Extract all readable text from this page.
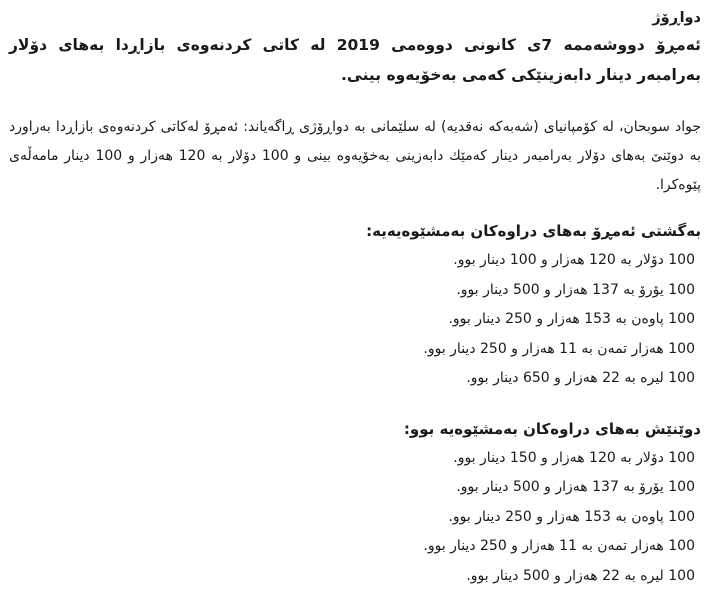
دواڕۆژ

ئەمڕۆ دووشەممە 7ی كانونی دووەمی 2019 لە كاتی كردنەوەی بازاڕدا بەهای دۆلار بەرامبەر دینار دابەزینێكی كەمی بەخۆیەوە بینی.

جواد سوبحان، لە كۆمپانیای (شەبەكە نەقدیە) لە سلێمانی بە دواڕۆژی ڕاگەیاند: ئەمڕۆ لەكاتی كردنەوەی بازاڕدا بەراورد بە دوێنێ بەهای دۆلار بەرامبەر دینار كەمێك دابەزینی بەخۆیەوە بینی و 100 دۆلار بە 120 هەزار و 100 دینار مامەڵەی پێوەكرا.

بەگشتی ئەمڕۆ بەهای دراوەكان بەمشێوەیەیە:

100 دۆلار بە 120 هەزار و 100 دینار بوو.
100 یۆرۆ بە 137 هەزار و 500 دینار بوو.
100 پاوەن بە 153 هەزار و 250 دینار بوو.
100 هەزار تمەن بە 11 هەزار و 250 دینار بوو.
100 لیرە بە 22 هەزار و 650 دینار بوو.

دوێنێش بەهای دراوەكان بەمشێوەیە بوو:

100 دۆلار بە 120 هەزار و 150 دینار بوو.
100 یۆرۆ بە 137 هەزار و 500 دینار بوو.
100 پاوەن بە 153 هەزار و 250 دینار بوو.
100 هەزار تمەن بە 11 هەزار و 250 دینار بوو.
100 لیرە بە 22 هەزار و 500 دینار بوو.
